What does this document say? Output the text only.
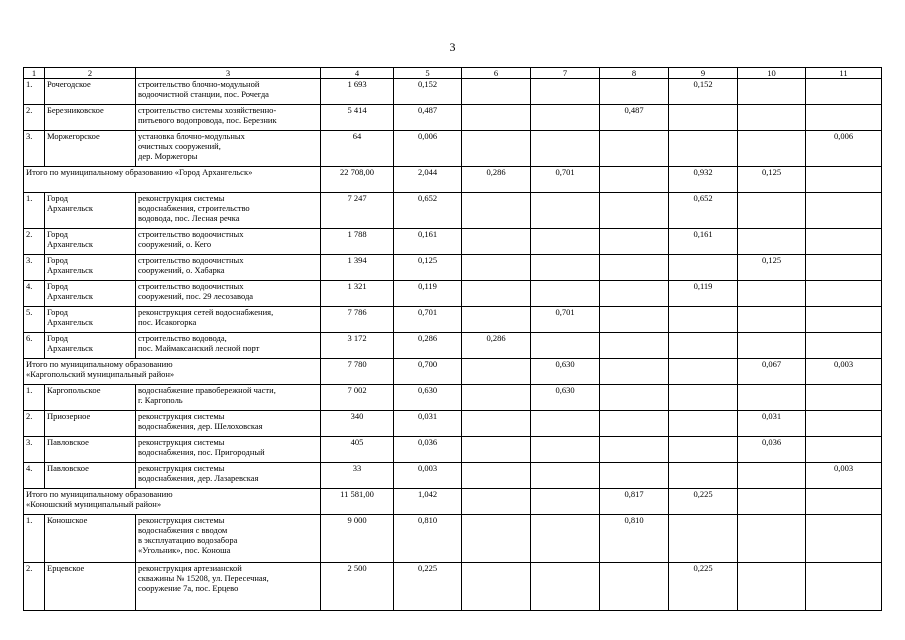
3
1	2	3	4	5	6	7	8	9	10	11
1.	Рочегодское	строительство блочно-модульной
водоочистной станции, пос. Рочегда	1 693	0,152				0,152		
2.	Березниковское	строительство системы хозяйственно-
питьевого водопровода, пос. Березник	5 414	0,487			0,487			
3.	Моржегорское	установка блочно-модульных
очистных сооружений,
дер. Моржегоры	64	0,006						0,006
Итого по муниципальному образованию «Город Архангельск»			22 708,00	2,044	0,286	0,701		0,932	0,125	
1.	Город
Архангельск	реконструкция системы
водоснабжения, строительство
водовода, пос. Лесная речка	7 247	0,652				0,652		
2.	Город
Архангельск	строительство водоочистных
сооружений, о. Кего	1 788	0,161				0,161		
3.	Город
Архангельск	строительство водоочистных
сооружений, о. Хабарка	1 394	0,125					0,125	
4.	Город
Архангельск	строительство водоочистных
сооружений, пос. 29 лесозавода	1 321	0,119				0,119		
5.	Город
Архангельск	реконструкция сетей водоснабжения,
пос. Исакогорка	7 786	0,701		0,701				
6.	Город
Архангельск	строительство водовода,
пос. Маймаксанский лесной порт	3 172	0,286	0,286					
Итого по муниципальному образованию
«Каргопольский муниципальный район»			7 780	0,700		0,630			0,067	0,003
1.	Каргопольское	водоснабжение правобережной части,
г. Каргополь	7 002	0,630		0,630				
2.	Приозерное	реконструкция системы
водоснабжения, дер. Шелоховская	340	0,031					0,031	
3.	Павловское	реконструкция системы
водоснабжения, пос. Пригородный	405	0,036					0,036	
4.	Павловское	реконструкция системы
водоснабжения, дер. Лазаревская	33	0,003						0,003
Итого по муниципальному образованию
«Коношский муниципальный район»			11 581,00	1,042			0,817	0,225		
1.	Коношское	реконструкция системы
водоснабжения с вводом
в эксплуатацию водозабора
«Угольник», пос. Коноша	9 000	0,810			0,810			
2.	Ерцевское	реконструкция артезианской
скважины № 15208, ул. Пересечная,
сооружение 7а, пос. Ерцево	2 500	0,225				0,225		
